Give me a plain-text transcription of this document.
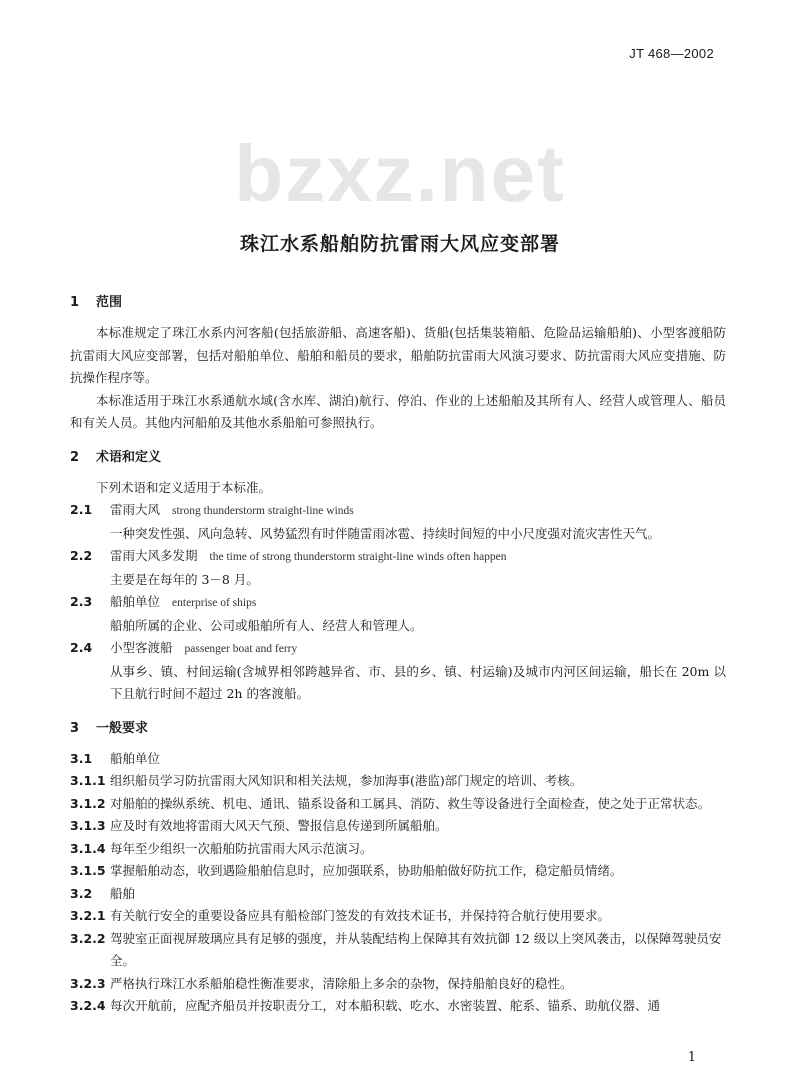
JT 468—2002
bzxz.net
珠江水系船舶防抗雷雨大风应变部署
1 范围
本标准规定了珠江水系内河客船(包括旅游船、高速客船)、货船(包括集装箱船、危险品运输船舶)、小型客渡船防抗雷雨大风应变部署，包括对船舶单位、船舶和船员的要求，船舶防抗雷雨大风演习要求、防抗雷雨大风应变措施、防抗操作程序等。
本标准适用于珠江水系通航水域(含水库、湖泊)航行、停泊、作业的上述船舶及其所有人、经营人或管理人、船员和有关人员。其他内河船舶及其他水系船舶可参照执行。
2 术语和定义
下列术语和定义适用于本标准。
2.1	雷雨大风 strong thunderstorm straight-line winds
一种突发性强、风向急转、风势猛烈有时伴随雷雨冰雹、持续时间短的中小尺度强对流灾害性天气。
2.2	雷雨大风多发期 the time of strong thunderstorm straight-line winds often happen
主要是在每年的 3－8 月。
2.3	船舶单位 enterprise of ships
船舶所属的企业、公司或船舶所有人、经营人和管理人。
2.4	小型客渡船 passenger boat and ferry
从事乡、镇、村间运输(含城界相邻跨越异省、市、县的乡、镇、村运输)及城市内河区间运输，船长在 20m 以下且航行时间不超过 2h 的客渡船。
3 一般要求
3.1	船舶单位
3.1.1 组织船员学习防抗雷雨大风知识和相关法规，参加海事(港监)部门规定的培训、考核。
3.1.2 对船舶的操纵系统、机电、通讯、锚系设备和工属具、消防、救生等设备进行全面检查，使之处于正常状态。
3.1.3 应及时有效地将雷雨大风天气预、警报信息传递到所属船舶。
3.1.4 每年至少组织一次船舶防抗雷雨大风示范演习。
3.1.5 掌握船舶动态，收到遇险船舶信息时，应加强联系，协助船舶做好防抗工作，稳定船员情绪。
3.2	船舶
3.2.1 有关航行安全的重要设备应具有船检部门签发的有效技术证书，并保持符合航行使用要求。
3.2.2 驾驶室正面视屏玻璃应具有足够的强度，并从装配结构上保障其有效抗御 12 级以上突风袭击，以保障驾驶员安全。
3.2.3 严格执行珠江水系船舶稳性衡准要求，清除船上多余的杂物，保持船舶良好的稳性。
3.2.4 每次开航前，应配齐船员并按职责分工，对本船积载、吃水、水密装置、舵系、锚系、助航仪器、通
1
